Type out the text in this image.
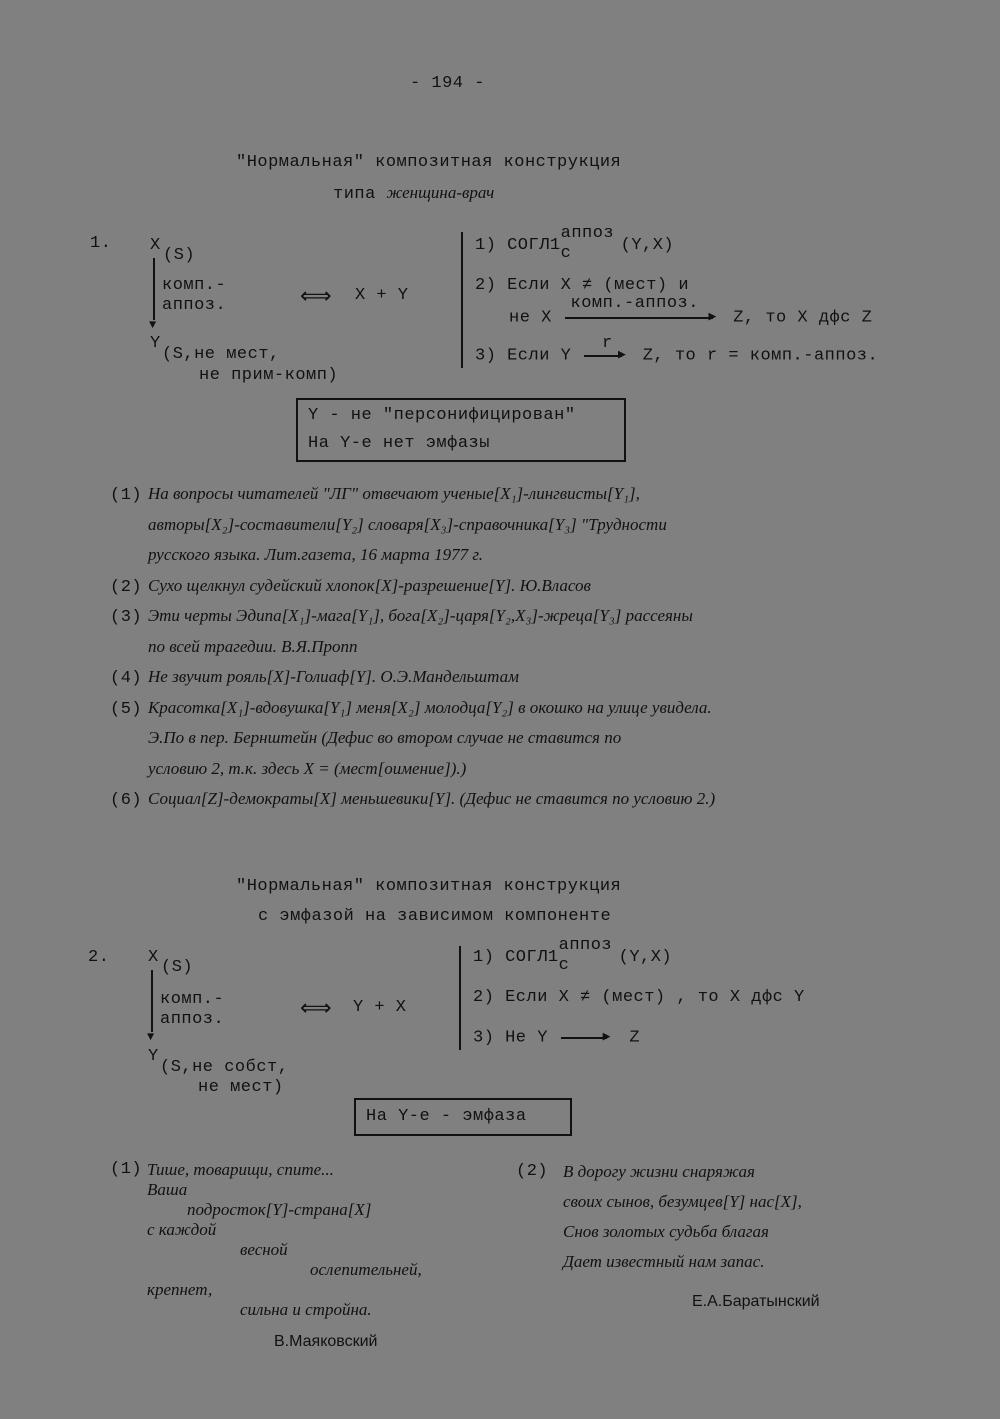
- 194 -
"Нормальная" композитная конструкция
типа женщина-врач
1. X
(S)
▼
комп.-
аппоз.
Y
(S,не мест,
не прим-комп)
⟺ X + Y
1) СОГЛ1
аппоз
с	(Y,X)
2) Если X ≠ (мест) и
не X
комп.-аппоз.
▶ Z, то X дфс Z
3) Если Y
r
▶ Z, то r = комп.-аппоз.
Y - не "персонифицирован"
На Y-е нет эмфазы
(1) На вопросы читателей "ЛГ" отвечают ученые[X₁]-лингвисты[Y₁],
авторы[X₂]-составители[Y₂] словаря[X₃]-справочника[Y₃] "Трудности
русского языка. Лит.газета, 16 марта 1977 г.
(2) Сухо щелкнул судейский хлопок[X]-разрешение[Y]. Ю.Власов
(3) Эти черты Эдипа[X₁]-мага[Y₁], бога[X₂]-царя[Y₂,X₃]-жреца[Y₃] рассеяны
по всей трагедии. В.Я.Пропп
(4) Не звучит рояль[X]-Голиаф[Y]. О.Э.Мандельштам
(5) Красотка[X₁]-вдовушка[Y₁] меня[X₂] молодца[Y₂] в окошко на улице увидела.
Э.По в пер. Бернштейн (Дефис во втором случае не ставится по
условию 2, т.к. здесь X = (мест[оимение]).)
(6) Социал[Z]-демократы[X] меньшевики[Y]. (Дефис не ставится по условию 2.)
"Нормальная" композитная конструкция
с эмфазой на зависимом компоненте
2. X
(S)
▼
комп.-
аппоз.
Y
(S,не собст,
не мест)
⟺ Y + X
1) СОГЛ1
аппоз
с	(Y,X)
2) Если X ≠ (мест) , то X дфс Y
3) Не Y	▶ Z
На Y-е - эмфаза
(1) Тише, товарищи, спите...
Ваша
подросток[Y]-страна[X]
с каждой
весной
ослепительней,
крепнет,
сильна и стройна.
В.Маяковский
(2) В дорогу жизни снаряжая
своих сынов, безумцев[Y] нас[X],
Снов золотых судьба благая
Дает известный нам запас.
Е.А.Баратынский
